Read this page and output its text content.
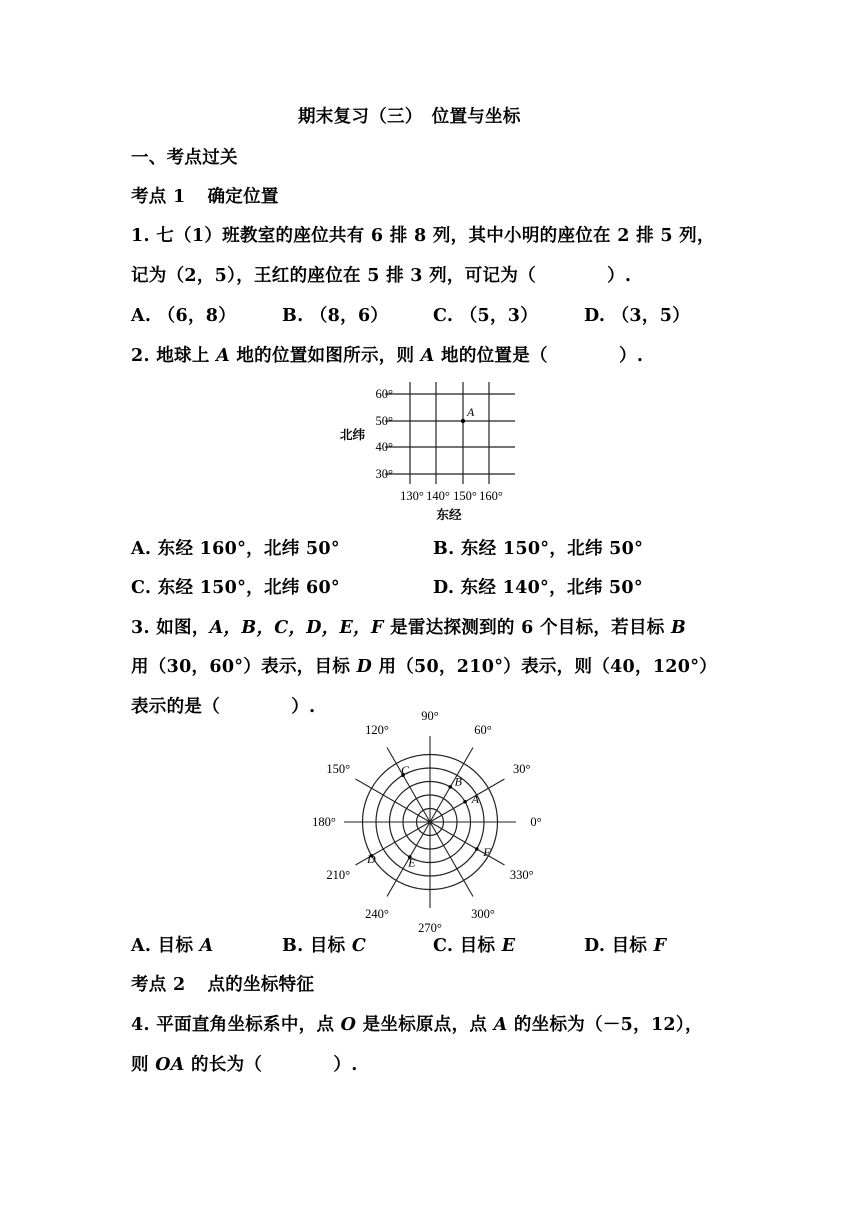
期末复习（三）　位置与坐标
一、考点过关
考点 1 确定位置
1. 七（1）班教室的座位共有 6 排 8 列，其中小明的座位在 2 排 5 列，
记为（2，5），王红的座位在 5 排 3 列，可记为（　　　　）.
A. （6，8）	B. （8，6）	C. （5，3）	D. （3，5）
2. 地球上 A 地的位置如图所示，则 A 地的位置是（　　　　）.
A
60°
50°
40°
30°
北纬
130° 140° 150° 160°
东经
A. 东经 160°，北纬 50°	B. 东经 150°，北纬 50°
C. 东经 150°，北纬 60°	D. 东经 140°，北纬 50°
3. 如图，A，B，C，D，E，F 是雷达探测到的 6 个目标，若目标 B
用（30，60°）表示，目标 D 用（50，210°）表示，则（40，120°）
表示的是（　　　　）.
0°
30°
60°
90°
120°
150°
180°
210°
240°
270°
300°
330°
A
B
C
D	E
F
A. 目标 A	B. 目标 C	C. 目标 E	D. 目标 F
考点 2 点的坐标特征
4. 平面直角坐标系中，点 O 是坐标原点，点 A 的坐标为（－5，12），
则 OA 的长为（　　　　）.
